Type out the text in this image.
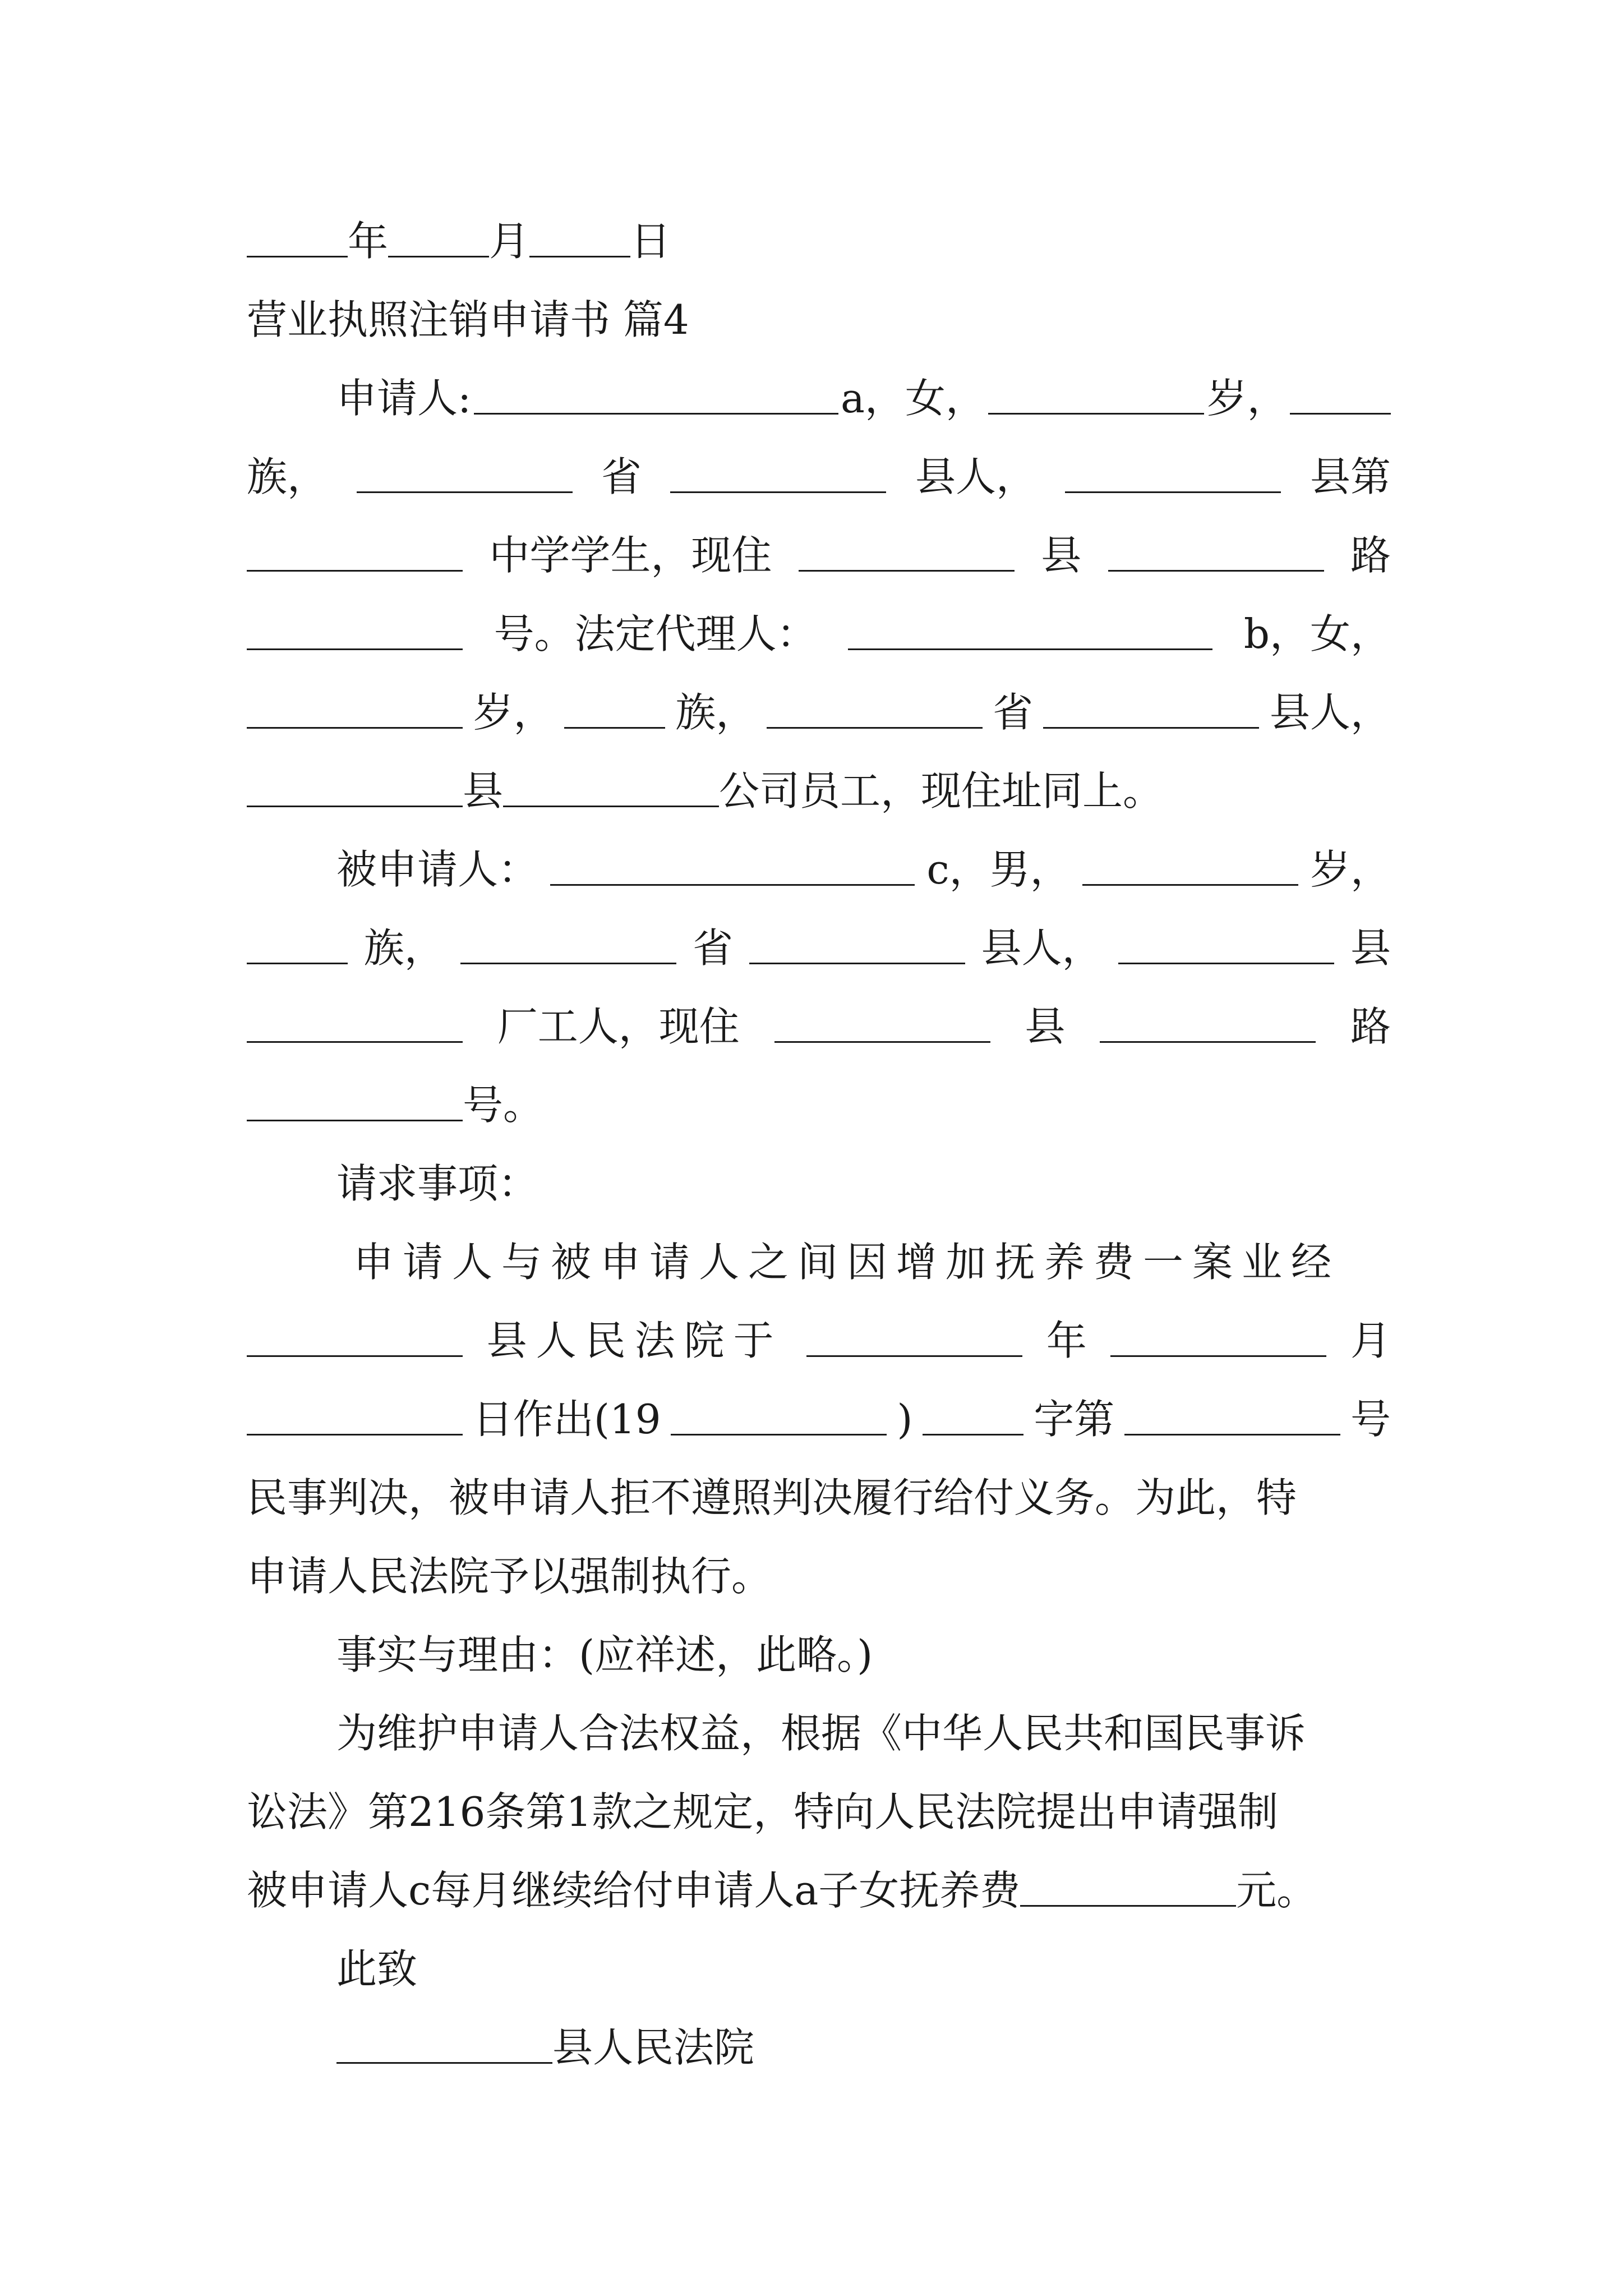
年	月	日
营业执照注销申请书 篇4
申请人:	a，女，	岁，
族，	省	县人，	县第
中学学生，现住	县	路
号。法定代理人：	b，女，
岁，	族，	省	县人，
县	公司员工，现住址同上。
被申请人：	c，男，	岁，
族，	省	县人，	县
厂工人，现住	县	路
号。
请求事项：
申请人与被申请人之间因增加抚养费一案业经
县人民法院于	年	月
日作出(19	)	字第	号
民事判决，被申请人拒不遵照判决履行给付义务。为此，特
申请人民法院予以强制执行。
事实与理由：(应祥述，此略。)
为维护申请人合法权益，根据《中华人民共和国民事诉
讼法》第216条第1款之规定，特向人民法院提出申请强制
被申请人c每月继续给付申请人a子女抚养费	元。
此致
县人民法院
